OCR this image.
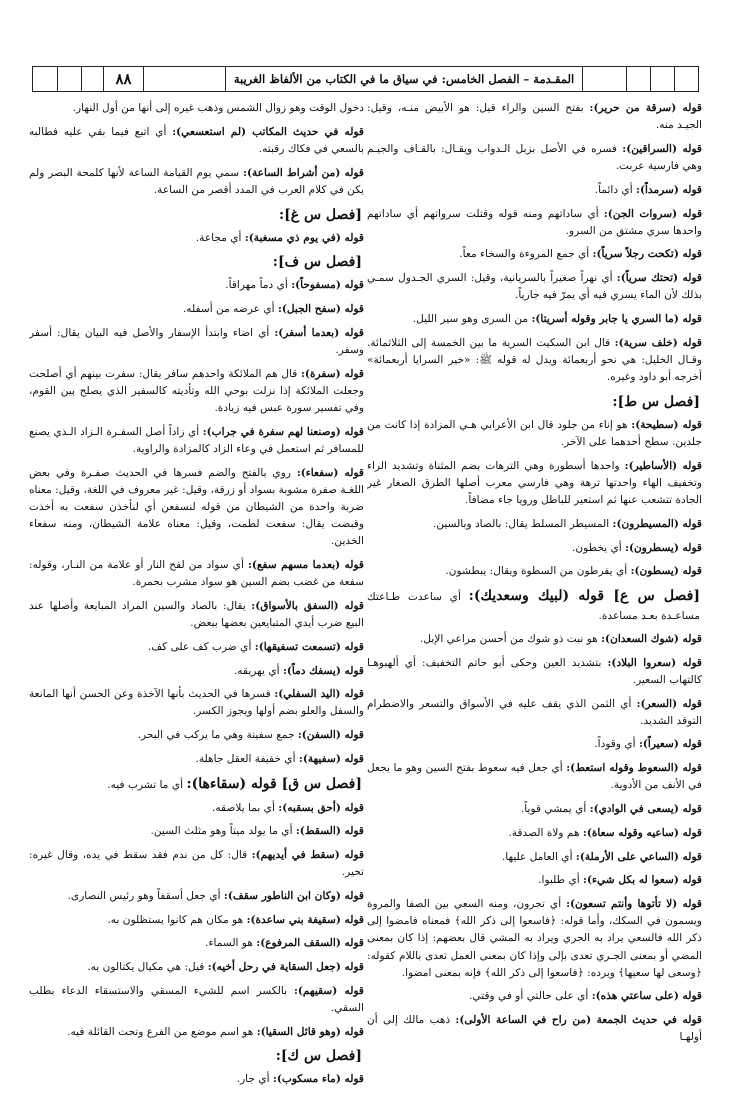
٨٨	المقـدمة – الفصل الخامس: في سياق ما في الكتاب من الألفاظ الغريبة

قوله (سرقة من حرير): بفتح السين والراء قيل: هو الأبيض منـه، وقيل: الجيـد منه.

قوله (السراقين): فسره في الأصل بزبل الـدواب ويقـال: بالقـاف والجيـم وهي فارسية عربت.

قوله (سرمداً): أي دائماً.

قوله (سروات الجن): أي ساداتهم ومنه قوله وقتلت سرواتهم أي ساداتهم واحدها سري مشتق من السرو.

قوله (تكحت رجلاً سرياً): أي جمع المروءة والسخاء معاً.

قوله (تحتك سرياً): أي نهراً صغيراً بالسريانية، وقيل: السري الجـدول سمـي بذلك لأن الماء يسري فيه أي يمرّ فيه جارياً.

قوله (ما السري يا جابر وقوله أسريتا): من السرى وهو سير الليل.

قوله (خلف سرية): قال ابن السكيت السرية ما بين الخمسة إلى الثلاثمائة. وقـال الخليل: هي نحو أربعمائة ويدل له قوله ﷺ: «خير السرايا أربعمائة» أخرجه أبو داود وغيره.

[فصل س ط]:

قوله (سطيحة): هو إناء من جلود قال ابن الأعرابي هـي المزادة إذا كانت من جلدين. سطح أحدهما على الآخر.

قوله (الأساطير): واحدها أسطورة وهي الترهات بضم المثناة وتشديد الراء وتخفيف الهاء واحدتها ترهة وهي فارسي معرب أصلها الطرق الصغار غير الجادة تتشعب عنها ثم استعير للباطل ورويا جاء مضافاً.

قوله (المسيطرون): المسيطر المسلط يقال: بالصاد وبالسين.

قوله (يسطرون): أي يخطون.

قوله (يسطون): أي يفرطون من السطوة ويقال: يبطشون.

[فصل س ع] قوله (لبيك وسعديك): أي ساعدت طـاعتك مساعـدة بعـد مساعدة.

قوله (شوك السعدان): هو نبت ذو شوك من أحسن مراعي الإبل.

قوله (سعروا البلاد): بتشديد العين وحكى أبو حاتم التخفيف: أي ألهبوهـا كالتهاب السعير.

قوله (السعر): أي الثمن الذي يقف عليه في الأسواق والتسعر والاضطرام التوقد الشديد.

قوله (سعيراً): أي وقوداً.

قوله (السعوط وقوله استعط): أي جعل فيه سعوط بفتح السين وهو ما يجعل في الأنف من الأدوية.

قوله (يسعى في الوادي): أي يمشي قوياً.

قوله (ساعيه وقوله سعاة): هم ولاة الصدقة.

قوله (الساعي على الأرملة): أي العامل عليها.

قوله (سعوا له بكل شيء): أي طلبوا.

قوله (لا تأتوها وأنتم تسعون): أي تجرون، ومنه السعي بين الصفا والمروة ويسمون في السكك، وأما قوله: ﴿فاسعوا إلى ذكر الله﴾ فمعناه فامضوا إلى ذكر الله فالسعي يراد به الجري ويراد به المشي قال بعضهم: إذا كان بمعنى المضي أو بمعنى الجـري تعدى بإلى وإذا كان بمعنى العمل تعدى باللام كقوله: ﴿وسعى لها سعيها﴾ وبرده: ﴿فاسعوا إلى ذكر الله﴾ فإنه بمعنى امضوا.

قوله (على ساعتي هذه): أي على حالتي أو في وقتي.

قوله في حديث الجمعة (من راح في الساعة الأولى): ذهب مالك إلى أن أولهـا

دخول الوقت وهو زوال الشمس وذهب غيره إلى أنها من أول النهار.

قوله في حديث المكاتب (لم استعسعي): أي اتبع فيما بقي عليه فطالبه بالسعي في فكاك رقبته.

قوله (من أشراط الساعة): سمي يوم القيامة الساعة لأنها كلمحة البصر ولم يكن في كلام العرب في المدد أقصر من الساعة.

[فصل س غ]:

قوله (في يوم ذي مسغبة): أي مجاعة.

[فصل س ف]:

قوله (مسفوحاً): أي دماً مهراقاً.

قوله (سفح الجبل): أي عرضه من أسفله.

قوله (بعدما أسفر): أي اضاء وابتدأ الإسفار والأصل فيه البيان يقال: أسفر وسفر.

قوله (سفرة): قال هم الملائكة واحدهم سافر يقال: سفرت بينهم أي أصلحت وجعلت الملائكة إذا نزلت بوحي الله وتأديته كالسفير الذي يصلح بين القوم، وفي تفسير سورة عبس فيه زيادة.

قوله (وصنعنا لهم سفرة في جراب): أي زاداً أصل السفـرة الـزاد الـذي يصنع للمسافر ثم استعمل في وعاء الزاد كالمزادة والراوية.

قوله (سفعاء): روي بالفتح والضم فسرها في الحديث صفـرة وفي بعض اللغـة صفرة مشوبة بسواد أو زرقة، وقيل: غير معروف في اللغة، وقيل: معناه ضربة واحدة من الشيطان من قوله لنسفعن أي لنأخذن سفعت به أخذت وقبضت يقال: سفعت لطمت، وقيل: معناه علامة الشيطان، ومنه سفعاء الخدين.

قوله (بعدما مسهم سفع): أي سواد من لفح النار أو علامة من النـار، وقوله: سفعة من غضب بضم السين هو سواد مشرب بحمرة.

قوله (السفق بالأسواق): يقال: بالصاد والسين المراد المبايعة وأصلها عند البيع ضرب أيدي المتبايعين بعضها ببعض.

قوله (تسمعت تسفيقها): أي ضرب كف على كف.

قوله (يسفك دماً): أي يهريقه.

قوله (اليد السفلي): فسرها في الحديث بأنها الآخذة وعن الحسن أنها المانعة والسفل والعلو بضم أولها ويجوز الكسر.

قوله (السفن): جمع سفينة وهي ما يركب في البحر.

قوله (سفيهة): أي خفيفة العقل جاهلة.

[فصل س ق] قوله (سقاءها): أي ما تشرب فيه.

قوله (أحق بسقبه): أي بما يلاصقه.

قوله (السقط): أي ما يولد ميتاً وهو مثلث السين.

قوله (سقط في أيديهم): قال: كل من ندم فقد سقط في يده، وقال غيره: تحير.

قوله (وكان ابن الناطور سقف): أي جعل أسقفاً وهو رئيس النصارى.

قوله (سقيفة بني ساعدة): هو مكان هم كانوا يستظلون به.

قوله (السقف المرفوع): هو السماء.

قوله (جعل السقاية في رحل أخيه): قيل: هي مكيال يكتالون به.

قوله (سقيهم): بالكسر اسم للشيء المسقي والاستسقاء الدعاء بطلب السقي.

قوله (وهو قائل السقيا): هو اسم موضع من الفرع وتحت القائلة فيه.

[فصل س ك]:

قوله (ماء مسكوب): أي جار.
